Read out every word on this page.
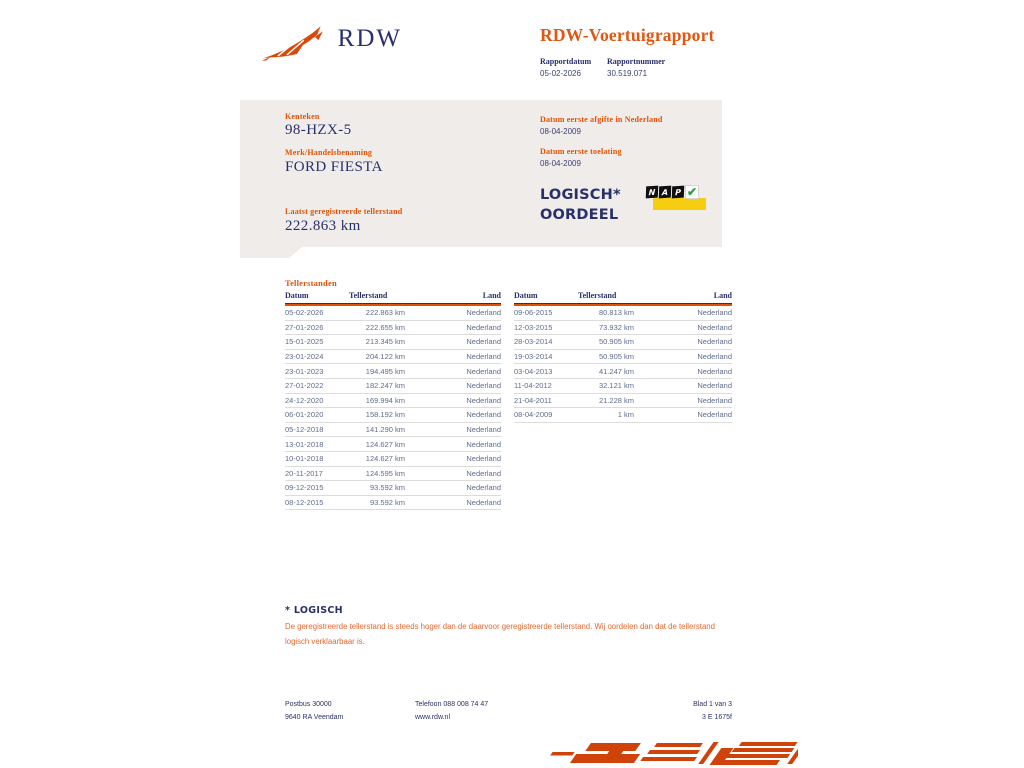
RDW	RDW-Voertuigrapport
Rapportdatum Rapportnummer
05-02-2026	30.519.071
Kenteken
98-HZX-5
Merk/Handelsbenaming
FORD FIESTA
Laatst geregistreerde tellerstand
222.863 km
Datum eerste afgifte in Nederland
08-04-2009
Datum eerste toelating
08-04-2009
LOGISCH*
OORDEEL
N A P ✔
Tellerstanden
Datum	Tellerstand	Land
05-02-2026	222.863 km	Nederland
27-01-2026	222.655 km	Nederland
15-01-2025	213.345 km	Nederland
23-01-2024	204.122 km	Nederland
23-01-2023	194.495 km	Nederland
27-01-2022	182.247 km	Nederland
24-12-2020	169.994 km	Nederland
06-01-2020	158.192 km	Nederland
05-12-2018	141.290 km	Nederland
13-01-2018	124.627 km	Nederland
10-01-2018	124.627 km	Nederland
20-11-2017	124.595 km	Nederland
09-12-2015	93.592 km	Nederland
08-12-2015	93.592 km	Nederland
Datum	Tellerstand	Land
09-06-2015	80.813 km	Nederland
12-03-2015	73.932 km	Nederland
28-03-2014	50.905 km	Nederland
19-03-2014	50.905 km	Nederland
03-04-2013	41.247 km	Nederland
11-04-2012	32.121 km	Nederland
21-04-2011	21.228 km	Nederland
08-04-2009	1 km	Nederland
* LOGISCH
De geregistreerde tellerstand is steeds hoger dan de daarvoor geregistreerde tellerstand. Wij oordelen dan dat de tellerstand logisch verklaarbaar is.
Postbus 30000
9640 RA Veendam
Telefoon 088 008 74 47
www.rdw.nl
Blad 1 van 3
3 E 1675f
